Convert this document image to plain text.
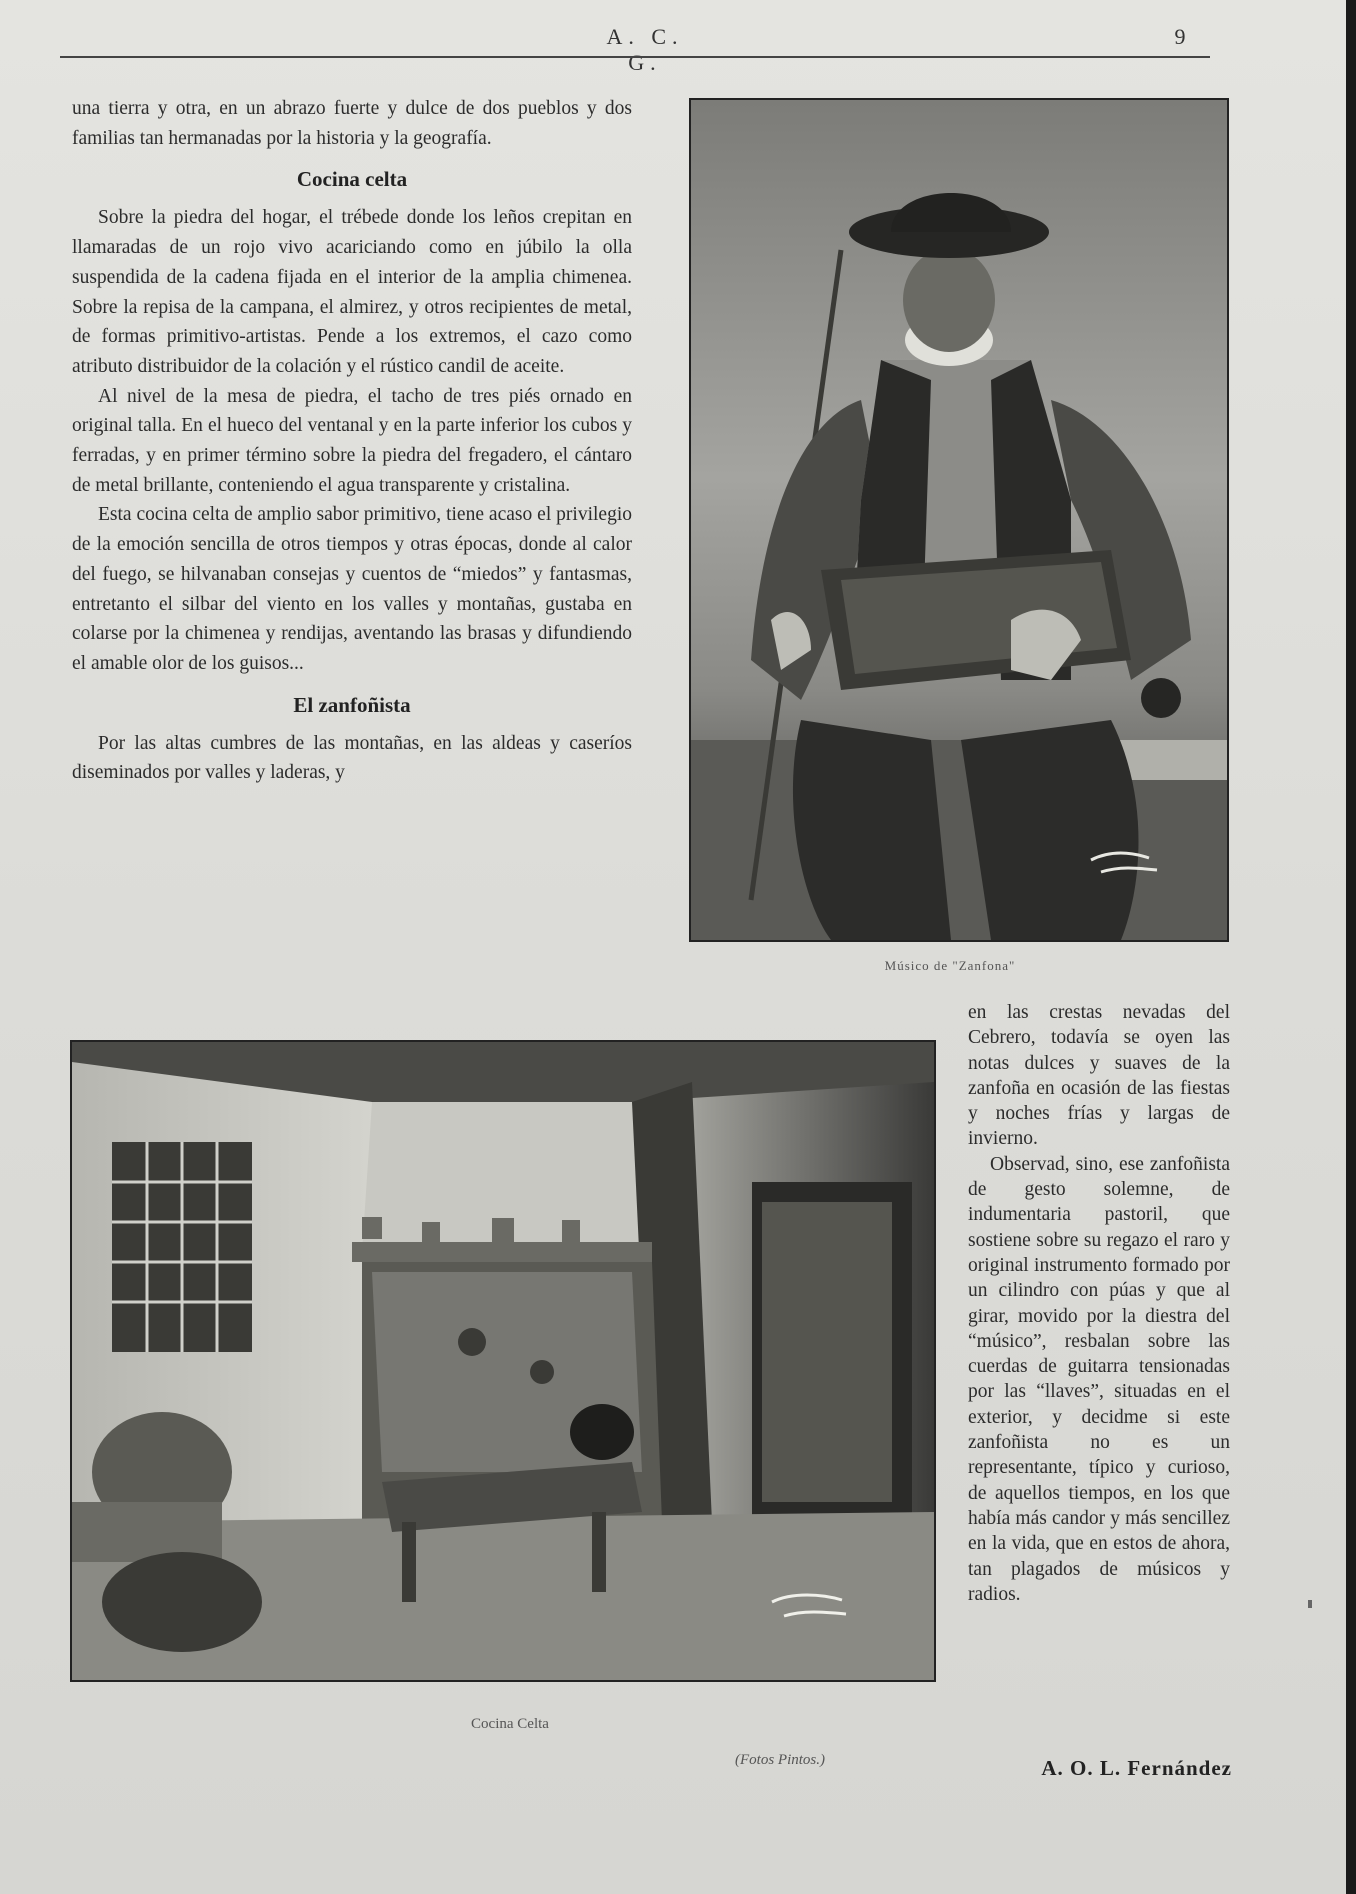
A. C. G.
9

una tierra y otra, en un abrazo fuerte y dulce de dos pueblos y dos familias tan hermanadas por la historia y la geografía.

Cocina celta

Sobre la piedra del hogar, el trébede donde los leños crepitan en llamaradas de un rojo vivo acariciando como en júbilo la olla suspendida de la cadena fijada en el interior de la amplia chimenea. Sobre la repisa de la campana, el almirez, y otros recipientes de metal, de formas primitivo-artistas. Pende a los extremos, el cazo como atributo distribuidor de la colación y el rústico candil de aceite.

Al nivel de la mesa de piedra, el tacho de tres piés ornado en original talla. En el hueco del ventanal y en la parte inferior los cubos y ferradas, y en primer término sobre la piedra del fregadero, el cántaro de metal brillante, conteniendo el agua transparente y cristalina.

Esta cocina celta de amplio sabor primitivo, tiene acaso el privilegio de la emoción sencilla de otros tiempos y otras épocas, donde al calor del fuego, se hilvanaban consejas y cuentos de “miedos” y fantasmas, entretanto el silbar del viento en los valles y montañas, gustaba en colarse por la chimenea y rendijas, aventando las brasas y difundiendo el amable olor de los guisos...

El zanfoñista

Por las altas cumbres de las montañas, en las aldeas y caseríos diseminados por valles y laderas, y

Músico de "Zanfona"
Cocina Celta

en las crestas nevadas del Cebrero, todavía se oyen las notas dulces y suaves de la zanfoña en ocasión de las fiestas y noches frías y largas de invierno.

Observad, sino, ese zanfoñista de gesto solemne, de indumentaria pastoril, que sostiene sobre su regazo el raro y original instrumento formado por un cilindro con púas y que al girar, movido por la diestra del “músico”, resbalan sobre las cuerdas de guitarra tensionadas por las “llaves”, situadas en el exterior, y decidme si este zanfoñista no es un representante, típico y curioso, de aquellos tiempos, en los que había más candor y más sencillez en la vida, que en estos de ahora, tan plagados de músicos y radios.

(Fotos Pintos.)	A. O. L. Fernández
